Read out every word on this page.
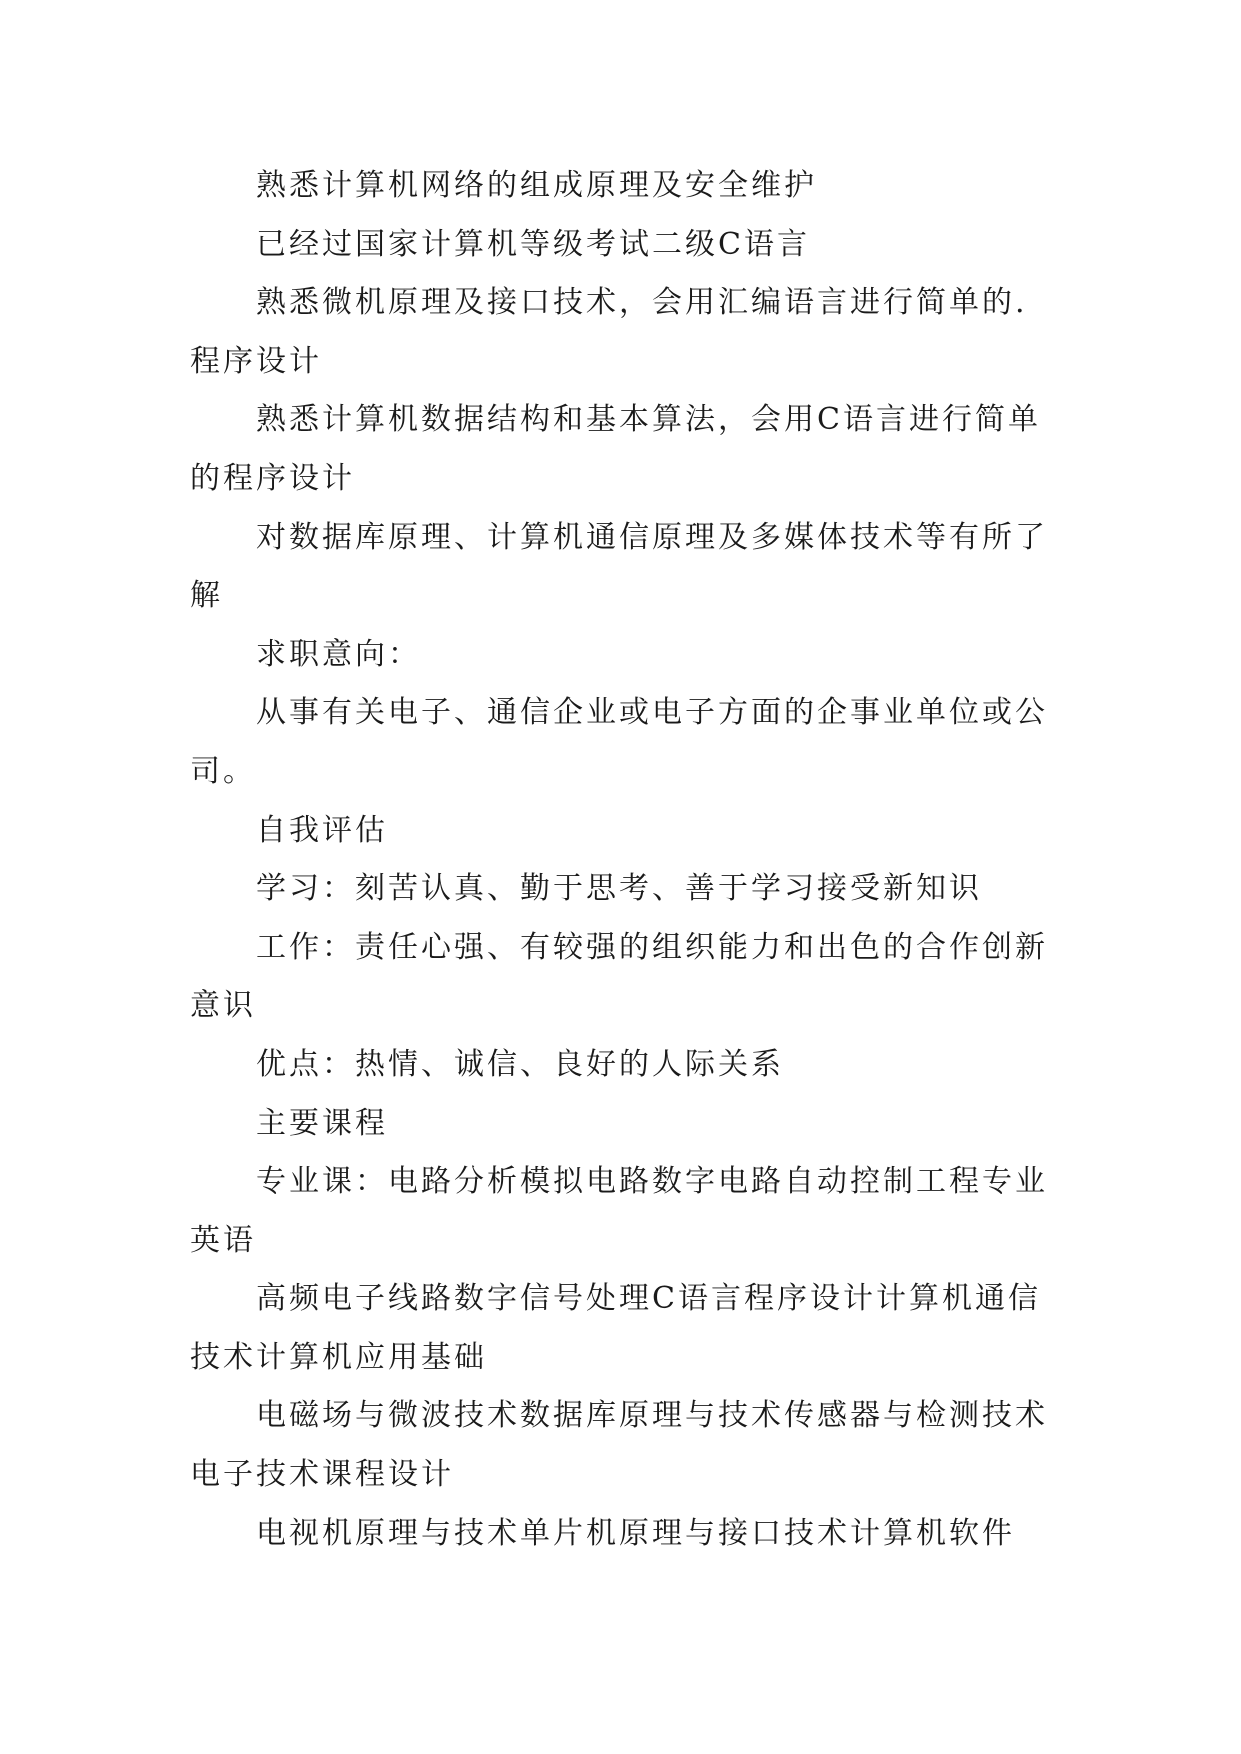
熟悉计算机网络的组成原理及安全维护

已经过国家计算机等级考试二级C语言

熟悉微机原理及接口技术，会用汇编语言进行简单的.程序设计

熟悉计算机数据结构和基本算法，会用C语言进行简单的程序设计

对数据库原理、计算机通信原理及多媒体技术等有所了解

求职意向：

从事有关电子、通信企业或电子方面的企事业单位或公司。

自我评估

学习：刻苦认真、勤于思考、善于学习接受新知识

工作：责任心强、有较强的组织能力和出色的合作创新意识

优点：热情、诚信、良好的人际关系

主要课程

专业课：电路分析模拟电路数字电路自动控制工程专业英语

高频电子线路数字信号处理C语言程序设计计算机通信技术计算机应用基础

电磁场与微波技术数据库原理与技术传感器与检测技术电子技术课程设计

电视机原理与技术单片机原理与接口技术计算机软件
